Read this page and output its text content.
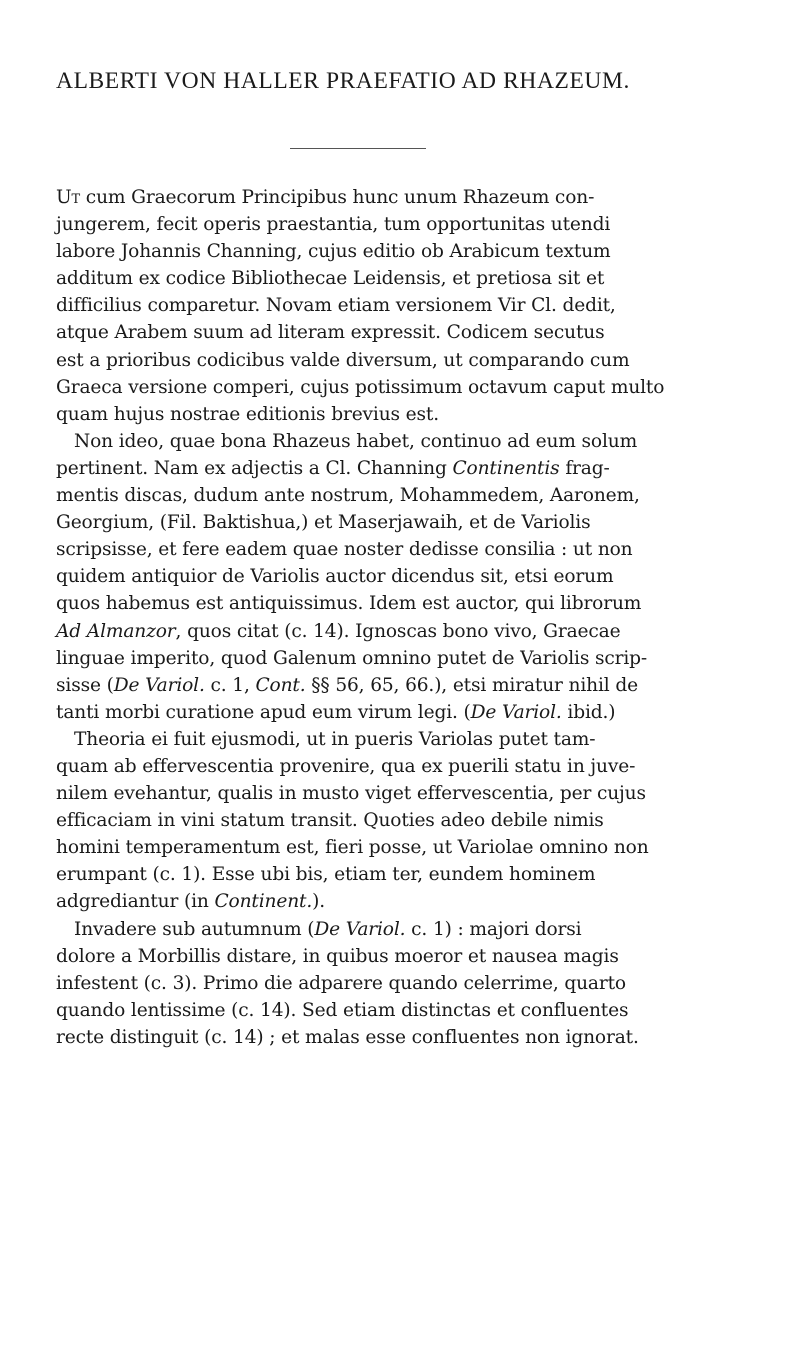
ALBERTI VON HALLER PRAEFATIO AD RHAZEUM.
Ut cum Graecorum Principibus hunc unum Rhazeum con-
jungerem, fecit operis praestantia, tum opportunitas utendi
labore Johannis Channing, cujus editio ob Arabicum textum
additum ex codice Bibliothecae Leidensis, et pretiosa sit et
difficilius comparetur. Novam etiam versionem Vir Cl. dedit,
atque Arabem suum ad literam expressit. Codicem secutus
est a prioribus codicibus valde diversum, ut comparando cum
Graeca versione comperi, cujus potissimum octavum caput multo
quam hujus nostrae editionis brevius est.
Non ideo, quae bona Rhazeus habet, continuo ad eum solum
pertinent. Nam ex adjectis a Cl. Channing Continentis frag-
mentis discas, dudum ante nostrum, Mohammedem, Aaronem,
Georgium, (Fil. Baktishua,) et Maserjawaih, et de Variolis
scripsisse, et fere eadem quae noster dedisse consilia : ut non
quidem antiquior de Variolis auctor dicendus sit, etsi eorum
quos habemus est antiquissimus. Idem est auctor, qui librorum
Ad Almanzor, quos citat (c. 14). Ignoscas bono vivo, Graecae
linguae imperito, quod Galenum omnino putet de Variolis scrip-
sisse (De Variol. c. 1, Cont. §§ 56, 65, 66.), etsi miratur nihil de
tanti morbi curatione apud eum virum legi. (De Variol. ibid.)
Theoria ei fuit ejusmodi, ut in pueris Variolas putet tam-
quam ab effervescentia provenire, qua ex puerili statu in juve-
nilem evehantur, qualis in musto viget effervescentia, per cujus
efficaciam in vini statum transit. Quoties adeo debile nimis
homini temperamentum est, fieri posse, ut Variolae omnino non
erumpant (c. 1). Esse ubi bis, etiam ter, eundem hominem
adgrediantur (in Continent.).
Invadere sub autumnum (De Variol. c. 1) : majori dorsi
dolore a Morbillis distare, in quibus moeror et nausea magis
infestent (c. 3). Primo die adparere quando celerrime, quarto
quando lentissime (c. 14). Sed etiam distinctas et confluentes
recte distinguit (c. 14) ; et malas esse confluentes non ignorat.
